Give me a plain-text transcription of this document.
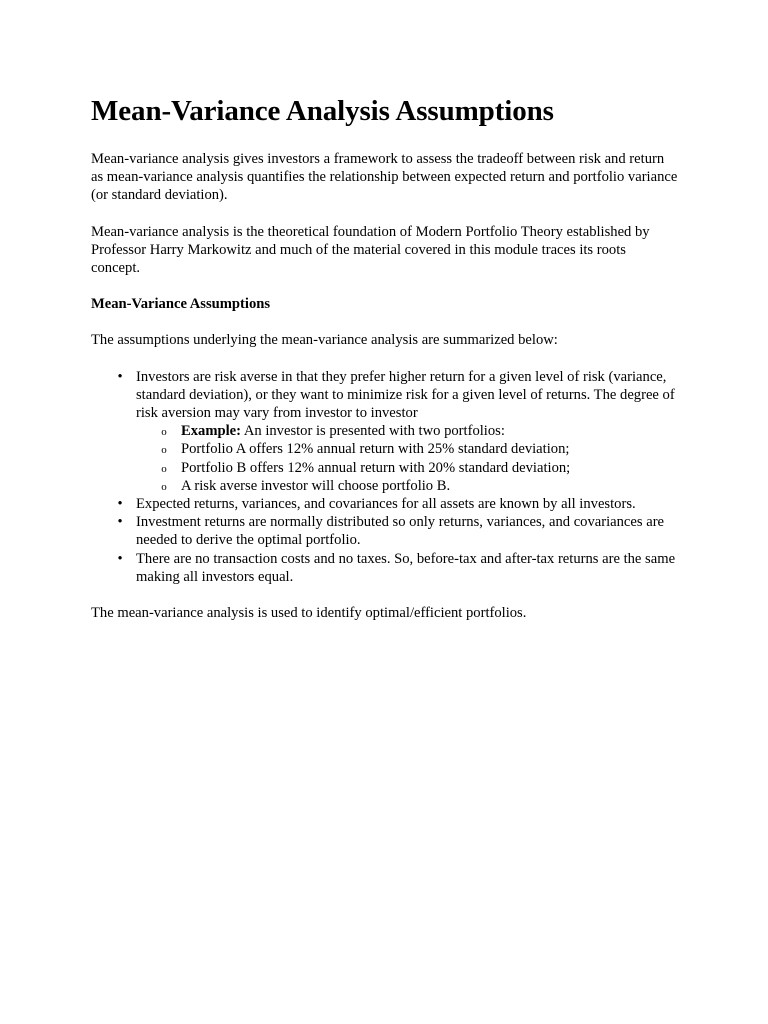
Mean-Variance Analysis Assumptions

Mean-variance analysis gives investors a framework to assess the tradeoff between risk and return as mean-variance analysis quantifies the relationship between expected return and portfolio variance (or standard deviation).

Mean-variance analysis is the theoretical foundation of Modern Portfolio Theory established by Professor Harry Markowitz and much of the material covered in this module traces its roots concept.

Mean-Variance Assumptions

The assumptions underlying the mean-variance analysis are summarized below:

• Investors are risk averse in that they prefer higher return for a given level of risk (variance, standard deviation), or they want to minimize risk for a given level of returns. The degree of risk aversion may vary from investor to investor
o Example: An investor is presented with two portfolios:
o Portfolio A offers 12% annual return with 25% standard deviation;
o Portfolio B offers 12% annual return with 20% standard deviation;
o A risk averse investor will choose portfolio B.
• Expected returns, variances, and covariances for all assets are known by all investors.
• Investment returns are normally distributed so only returns, variances, and covariances are needed to derive the optimal portfolio.
• There are no transaction costs and no taxes. So, before-tax and after-tax returns are the same making all investors equal.

The mean-variance analysis is used to identify optimal/efficient portfolios.
